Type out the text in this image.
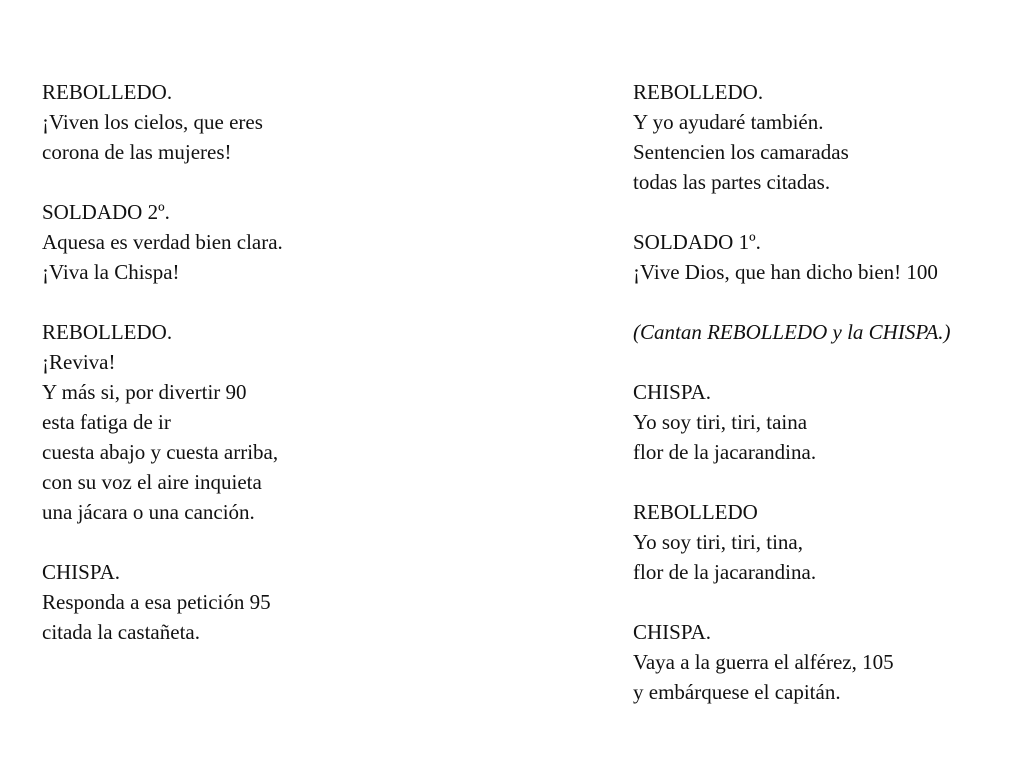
REBOLLEDO.
¡Viven los cielos, que eres
corona de las mujeres!
SOLDADO 2º.
Aquesa es verdad bien clara.
¡Viva la Chispa!
REBOLLEDO.
¡Reviva!
Y más si, por divertir 90
esta fatiga de ir
cuesta abajo y cuesta arriba,
con su voz el aire inquieta
una jácara o una canción.
CHISPA.
Responda a esa petición 95
citada la castañeta.
REBOLLEDO.
Y yo ayudaré también.
Sentencien los camaradas
todas las partes citadas.
SOLDADO 1º.
¡Vive Dios, que han dicho bien! 100
(Cantan REBOLLEDO y la CHISPA.)
CHISPA.
Yo soy tiri, tiri, taina
flor de la jacarandina.
REBOLLEDO
Yo soy tiri, tiri, tina,
flor de la jacarandina.
CHISPA.
Vaya a la guerra el alférez, 105
y embárquese el capitán.
